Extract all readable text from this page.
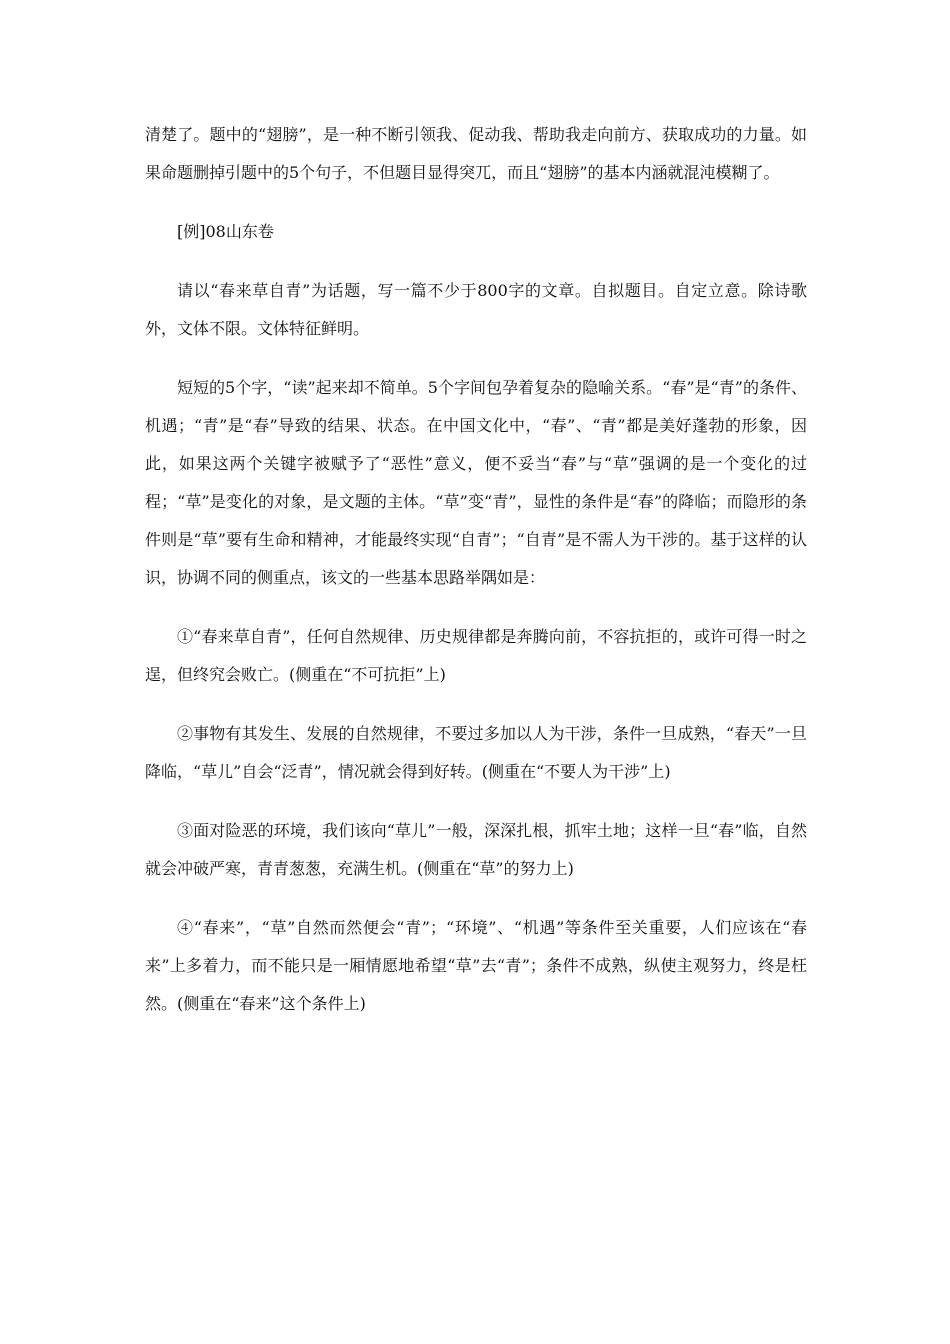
清楚了。题中的“翅膀”，是一种不断引领我、促动我、帮助我走向前方、获取成功的力量。如果命题删掉引题中的5个句子，不但题目显得突兀，而且“翅膀”的基本内涵就混沌模糊了。

[例]08山东卷

请以“春来草自青”为话题，写一篇不少于800字的文章。自拟题目。自定立意。除诗歌外，文体不限。文体特征鲜明。

短短的5个字，“读”起来却不简单。5个字间包孕着复杂的隐喻关系。“春”是“青”的条件、机遇；“青”是“春”导致的结果、状态。在中国文化中，“春”、“青”都是美好蓬勃的形象，因此，如果这两个关键字被赋予了“恶性”意义，便不妥当“春”与“草”强调的是一个变化的过程；“草”是变化的对象，是文题的主体。“草”变“青”，显性的条件是“春”的降临；而隐形的条件则是“草”要有生命和精神，才能最终实现“自青”；“自青”是不需人为干涉的。基于这样的认识，协调不同的侧重点，该文的一些基本思路举隅如是：

①“春来草自青”，任何自然规律、历史规律都是奔腾向前，不容抗拒的，或许可得一时之逞，但终究会败亡。(侧重在“不可抗拒”上)

②事物有其发生、发展的自然规律，不要过多加以人为干涉，条件一旦成熟，“春天”一旦降临，“草儿”自会“泛青”，情况就会得到好转。(侧重在“不要人为干涉”上)

③面对险恶的环境，我们该向“草儿”一般，深深扎根，抓牢土地；这样一旦“春”临，自然就会冲破严寒，青青葱葱，充满生机。(侧重在“草”的努力上)

④“春来”，“草”自然而然便会“青”；“环境”、“机遇”等条件至关重要，人们应该在“春来”上多着力，而不能只是一厢情愿地希望“草”去“青”；条件不成熟，纵使主观努力，终是枉然。(侧重在“春来”这个条件上)
